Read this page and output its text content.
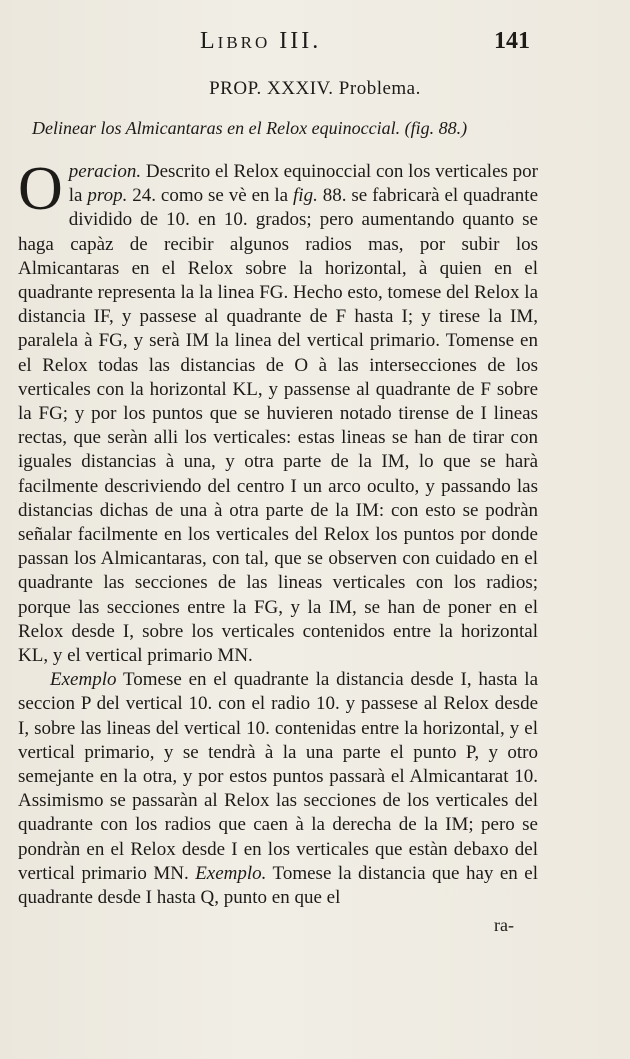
Libro III.	141
PROP. XXXIV. Problema.
Delinear los Almicantaras en el Relox equinoccial. (fig. 88.)

Operacion. Descrito el Relox equinoccial con los verticales por la prop. 24. como se vè en la fig. 88. se fabricarà el quadrante dividido de 10. en 10. grados; pero aumentando quanto se haga capàz de recibir algunos radios mas, por subir los Almicantaras en el Relox sobre la horizontal, à quien en el quadrante representa la la linea FG. Hecho esto, tomese del Relox la distancia IF, y passese al quadrante de F hasta I; y tirese la IM, paralela à FG, y serà IM la linea del vertical primario. Tomense en el Relox todas las distancias de O à las intersecciones de los verticales con la horizontal KL, y passense al quadrante de F sobre la FG; y por los puntos que se huvieren notado tirense de I lineas rectas, que seràn alli los verticales: estas lineas se han de tirar con iguales distancias à una, y otra parte de la IM, lo que se harà facilmente descriviendo del centro I un arco oculto, y passando las distancias dichas de una à otra parte de la IM: con esto se podràn señalar facilmente en los verticales del Relox los puntos por donde passan los Almicantaras, con tal, que se observen con cuidado en el quadrante las secciones de las lineas verticales con los radios; porque las secciones entre la FG, y la IM, se han de poner en el Relox desde I, sobre los verticales contenidos entre la horizontal KL, y el vertical primario MN.

Exemplo Tomese en el quadrante la distancia desde I, hasta la seccion P del vertical 10. con el radio 10. y passese al Relox desde I, sobre las lineas del vertical 10. contenidas entre la horizontal, y el vertical primario, y se tendrà à la una parte el punto P, y otro semejante en la otra, y por estos puntos passarà el Almicantarat 10. Assimismo se passaràn al Relox las secciones de los verticales del quadrante con los radios que caen à la derecha de la IM; pero se pondràn en el Relox desde I en los verticales que estàn debaxo del vertical primario MN. Exemplo. Tomese la distancia que hay en el quadrante desde I hasta Q, punto en que el

ra-
